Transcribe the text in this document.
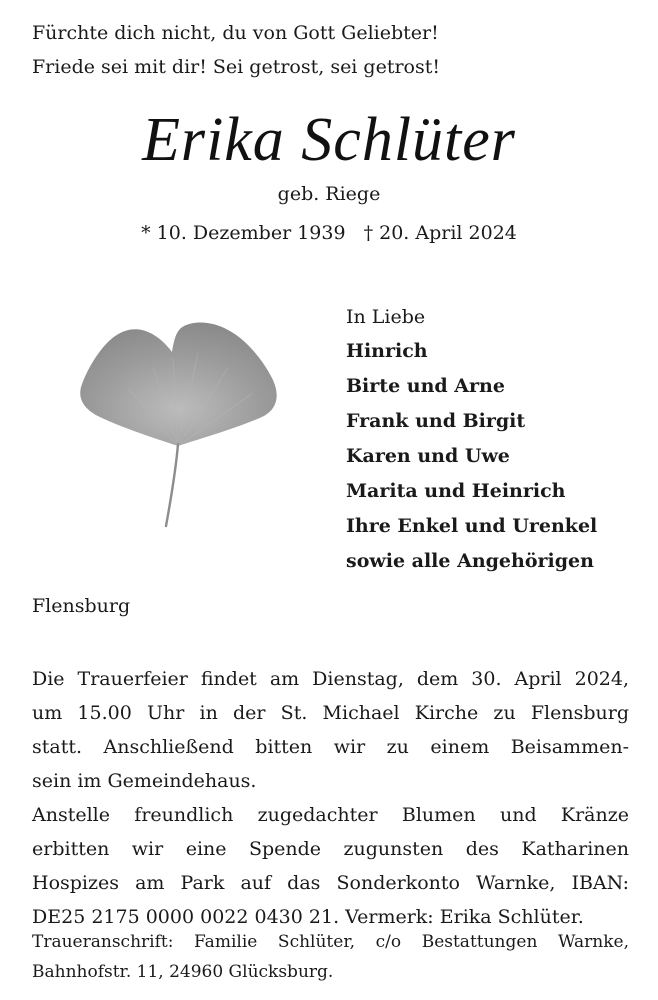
Fürchte dich nicht, du von Gott Geliebter!
Friede sei mit dir! Sei getrost, sei getrost!
Erika Schlüter
geb. Riege
* 10. Dezember 1939 † 20. April 2024
In Liebe
Hinrich
Birte und Arne
Frank und Birgit
Karen und Uwe
Marita und Heinrich
Ihre Enkel und Urenkel
sowie alle Angehörigen
Flensburg
Die Trauerfeier findet am Dienstag, dem 30. April 2024,
um 15.00 Uhr in der St. Michael Kirche zu Flensburg
statt. Anschließend bitten wir zu einem Beisammen-
sein im Gemeindehaus.
Anstelle freundlich zugedachter Blumen und Kränze
erbitten wir eine Spende zugunsten des Katharinen
Hospizes am Park auf das Sonderkonto Warnke, IBAN:
DE25 2175 0000 0022 0430 21. Vermerk: Erika Schlüter.
Traueranschrift: Familie Schlüter, c/o Bestattungen Warnke,
Bahnhofstr. 11, 24960 Glücksburg.
